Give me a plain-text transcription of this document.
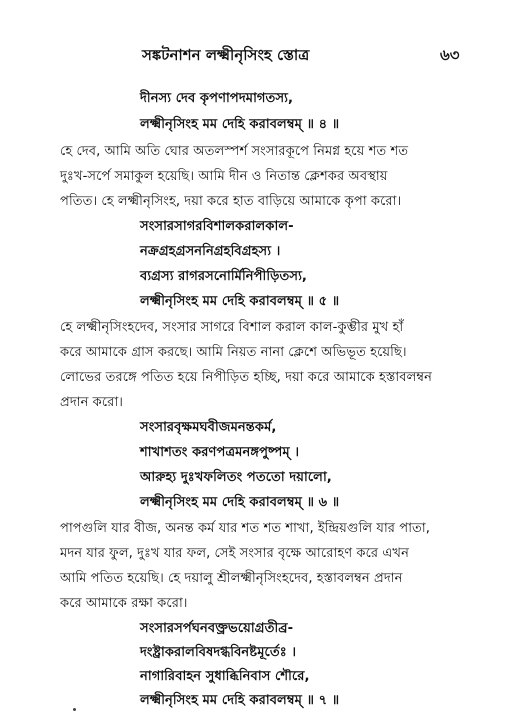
সঙ্কটনাশন লক্ষ্মীনৃসিংহ স্তোত্র	৬৩
দীনস্য দেব কৃপণাপদমাগতস্য,
লক্ষ্মীনৃসিংহ মম দেহি করাবলম্বম্ ॥ ৪ ॥
হে দেব, আমি অতি ঘোর অতলস্পর্শ সংসারকূপে নিমগ্ন হয়ে শত শত
দুঃখ-সর্পে সমাকুল হয়েছি। আমি দীন ও নিতান্ত ক্লেশকর অবস্থায়
পতিত। হে লক্ষ্মীনৃসিংহ, দয়া করে হাত বাড়িয়ে আমাকে কৃপা করো।
সংসারসাগরবিশালকরালকাল-
নক্রগ্রহগ্রসননিগ্রহবিগ্রহস্য ।
ব্যগ্রস্য রাগরসনোর্মিনিপীড়িতস্য,
লক্ষ্মীনৃসিংহ মম দেহি করাবলম্বম্ ॥ ৫ ॥
হে লক্ষ্মীনৃসিংহদেব, সংসার সাগরে বিশাল করাল কাল-কুম্ভীর মুখ হাঁ
করে আমাকে গ্রাস করছে। আমি নিয়ত নানা ক্লেশে অভিভূত হয়েছি।
লোভের তরঙ্গে পতিত হয়ে নিপীড়িত হচ্ছি, দয়া করে আমাকে হস্তাবলম্বন
প্রদান করো।
সংসারবৃক্ষমঘবীজমনন্তকর্ম,
শাখাশতং করণপত্রমনঙ্গপুষ্পম্ ।
আরুহ্য দুঃখফলিতং পততো দয়ালো,
লক্ষ্মীনৃসিংহ মম দেহি করাবলম্বম্ ॥ ৬ ॥
পাপগুলি যার বীজ, অনন্ত কর্ম যার শত শত শাখা, ইন্দ্রিয়গুলি যার পাতা,
মদন যার ফুল, দুঃখ যার ফল, সেই সংসার বৃক্ষে আরোহণ করে এখন
আমি পতিত হয়েছি। হে দয়ালু শ্রীলক্ষ্মীনৃসিংহদেব, হস্তাবলম্বন প্রদান
করে আমাকে রক্ষা করো।
সংসারসর্পঘনবক্ত্রভয়োগ্রতীব্র-
দংষ্ট্রাকরালবিষদগ্ধবিনষ্টমূর্তেঃ ।
নাগারিবাহন সুধাব্ধিনিবাস শৌরে,
লক্ষ্মীনৃসিংহ মম দেহি করাবলম্বম্ ॥ ৭ ॥
